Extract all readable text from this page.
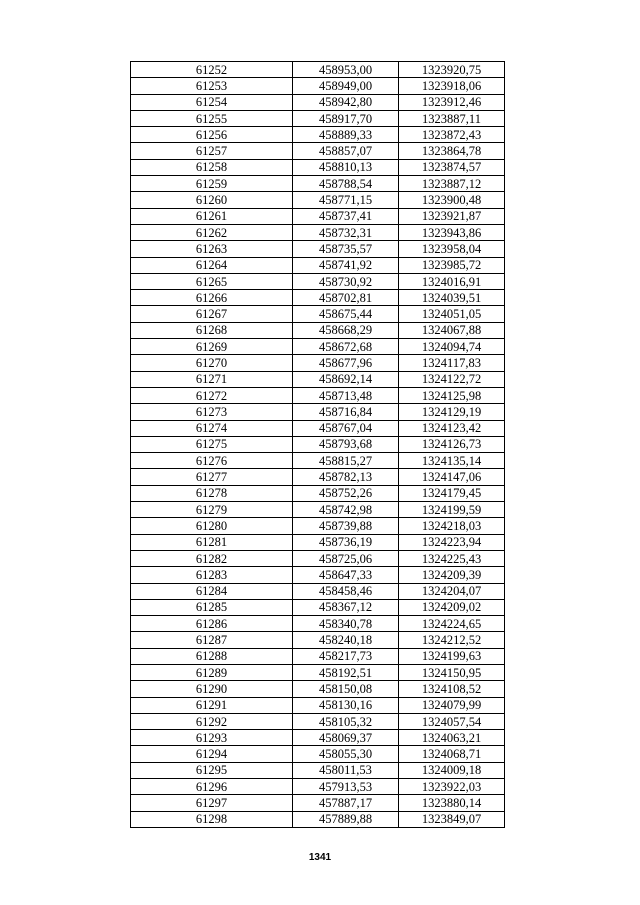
61252	458953,00	1323920,75
61253	458949,00	1323918,06
61254	458942,80	1323912,46
61255	458917,70	1323887,11
61256	458889,33	1323872,43
61257	458857,07	1323864,78
61258	458810,13	1323874,57
61259	458788,54	1323887,12
61260	458771,15	1323900,48
61261	458737,41	1323921,87
61262	458732,31	1323943,86
61263	458735,57	1323958,04
61264	458741,92	1323985,72
61265	458730,92	1324016,91
61266	458702,81	1324039,51
61267	458675,44	1324051,05
61268	458668,29	1324067,88
61269	458672,68	1324094,74
61270	458677,96	1324117,83
61271	458692,14	1324122,72
61272	458713,48	1324125,98
61273	458716,84	1324129,19
61274	458767,04	1324123,42
61275	458793,68	1324126,73
61276	458815,27	1324135,14
61277	458782,13	1324147,06
61278	458752,26	1324179,45
61279	458742,98	1324199,59
61280	458739,88	1324218,03
61281	458736,19	1324223,94
61282	458725,06	1324225,43
61283	458647,33	1324209,39
61284	458458,46	1324204,07
61285	458367,12	1324209,02
61286	458340,78	1324224,65
61287	458240,18	1324212,52
61288	458217,73	1324199,63
61289	458192,51	1324150,95
61290	458150,08	1324108,52
61291	458130,16	1324079,99
61292	458105,32	1324057,54
61293	458069,37	1324063,21
61294	458055,30	1324068,71
61295	458011,53	1324009,18
61296	457913,53	1323922,03
61297	457887,17	1323880,14
61298	457889,88	1323849,07
1341
